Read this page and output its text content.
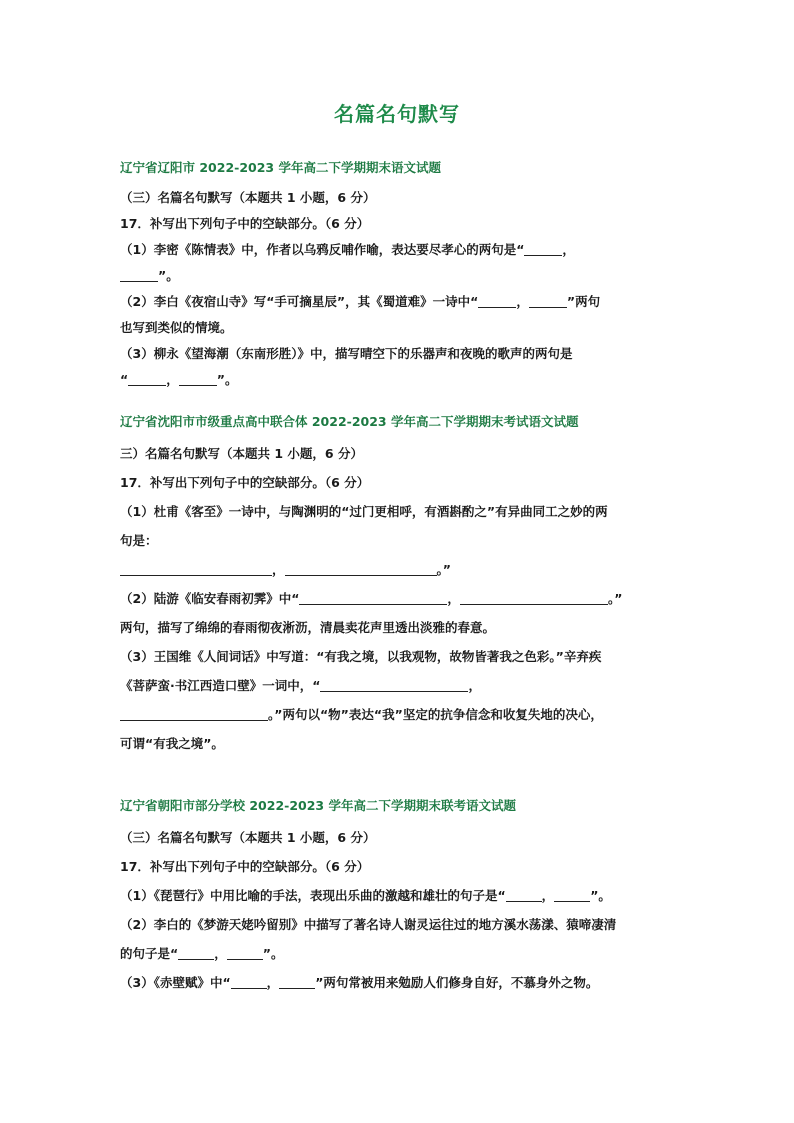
名篇名句默写
辽宁省辽阳市 2022-2023 学年高二下学期期末语文试题
（三）名篇名句默写（本题共 1 小题，6 分）
17．补写出下列句子中的空缺部分。（6 分）
（1）李密《陈情表》中，作者以乌鸦反哺作喻，表达要尽孝心的两句是“	，
”。
（2）李白《夜宿山寺》写“手可摘星辰”，其《蜀道难》一诗中“	，	”两句
也写到类似的情境。
（3）柳永《望海潮（东南形胜）》中，描写晴空下的乐器声和夜晚的歌声的两句是
“	，	”。
辽宁省沈阳市市级重点高中联合体 2022-2023 学年高二下学期期末考试语文试题
三）名篇名句默写（本题共 1 小题，6 分）
17．补写出下列句子中的空缺部分。（6 分）
（1）杜甫《客至》一诗中，与陶渊明的“过门更相呼，有酒斟酌之”有异曲同工之妙的两
句是：
，	。”
（2）陆游《临安春雨初霁》中“	，	。”
两句，描写了绵绵的春雨彻夜淅沥，清晨卖花声里透出淡雅的春意。
（3）王国维《人间词话》中写道：“有我之境，以我观物，故物皆著我之色彩。”辛弃疾
《菩萨蛮·书江西造口壁》一词中，“	，
。”两句以“物”表达“我”坚定的抗争信念和收复失地的决心，
可谓“有我之境”。
辽宁省朝阳市部分学校 2022-2023 学年高二下学期期末联考语文试题
（三）名篇名句默写（本题共 1 小题，6 分）
17．补写出下列句子中的空缺部分。（6 分）
（1）《琵琶行》中用比喻的手法，表现出乐曲的激越和雄壮的句子是“	，	”。
（2）李白的《梦游天姥吟留别》中描写了著名诗人谢灵运往过的地方溪水荡漾、猿啼凄清
的句子是“	，	”。
（3）《赤壁赋》中“	，	”两句常被用来勉励人们修身自好，不慕身外之物。
